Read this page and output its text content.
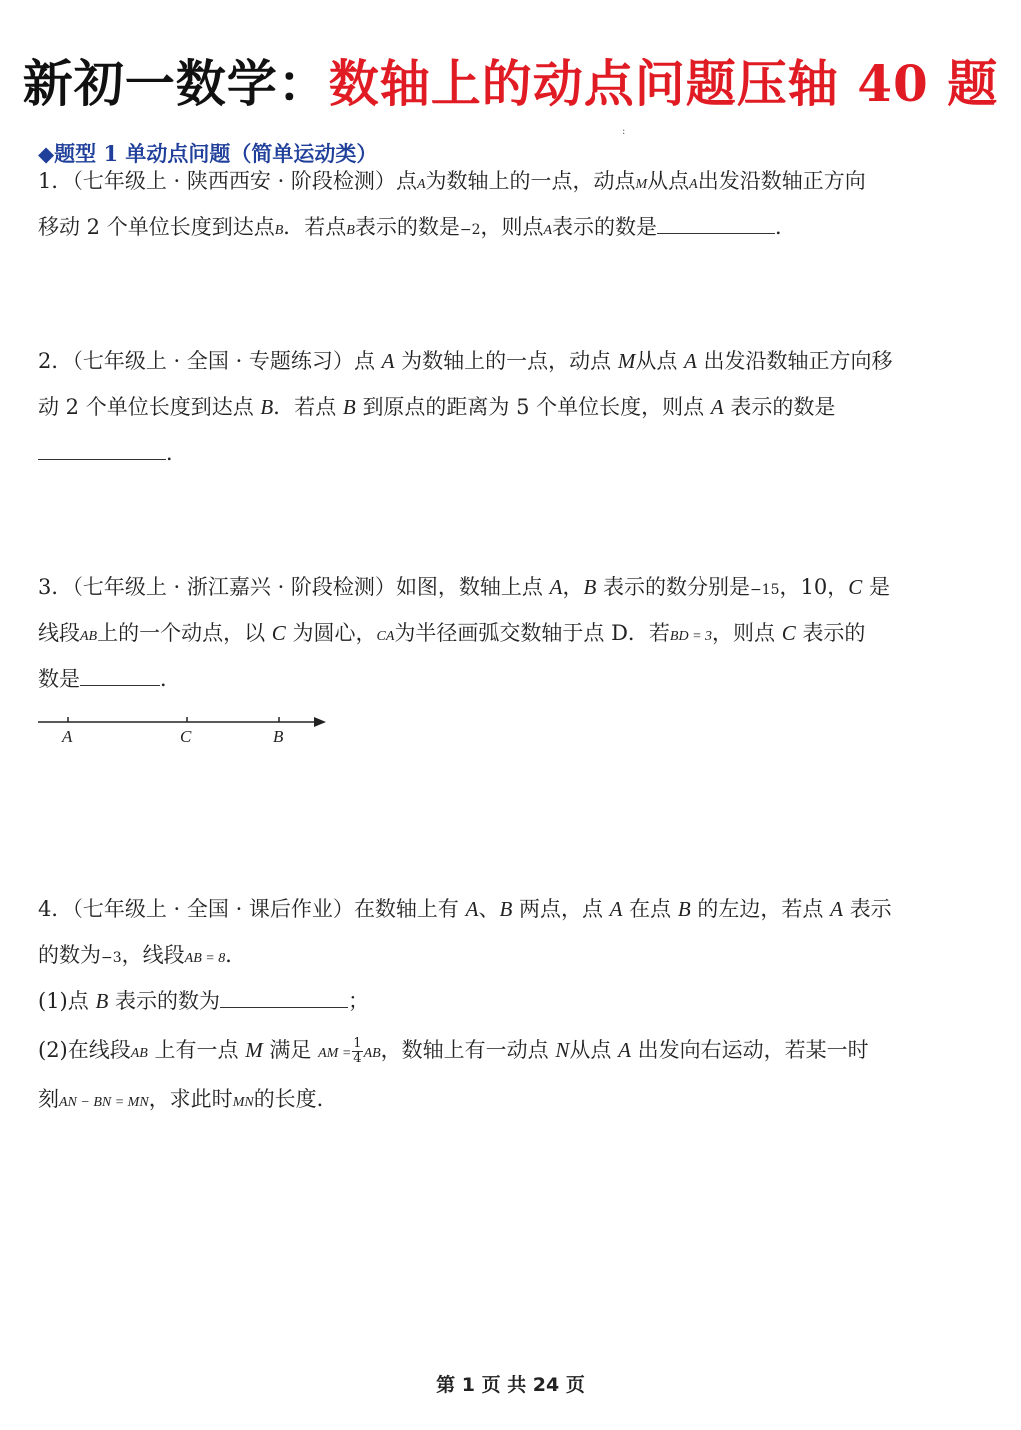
新初一数学：数轴上的动点问题压轴 40 题
:
◆题型 1 单动点问题（简单运动类）
1．（七年级上 · 陕西西安 · 阶段检测）点A为数轴上的一点，动点M从点A出发沿数轴正方向
移动 2 个单位长度到达点B．若点B表示的数是−2，则点A表示的数是	．
2．（七年级上 · 全国 · 专题练习）点 A 为数轴上的一点，动点 M从点 A 出发沿数轴正方向移
动 2 个单位长度到达点 B．若点 B 到原点的距离为 5 个单位长度，则点 A 表示的数是
．
3．（七年级上 · 浙江嘉兴 · 阶段检测）如图，数轴上点 A，B 表示的数分别是−15，10，C 是
线段AB上的一个动点，以 C 为圆心，CA为半径画弧交数轴于点 D．若BD = 3，则点 C 表示的
数是	．
A	C	B
4．（七年级上 · 全国 · 课后作业）在数轴上有 A、B 两点，点 A 在点 B 的左边，若点 A 表示
的数为−3，线段AB = 8．
(1)点 B 表示的数为	；
(2)在线段AB 上有一点 M 满足 AM = $\frac{1}{4}$ AB，数轴上有一动点 N从点 A 出发向右运动，若某一时
刻AN − BN = MN，求此时MN的长度．
第 1 页 共 24 页
